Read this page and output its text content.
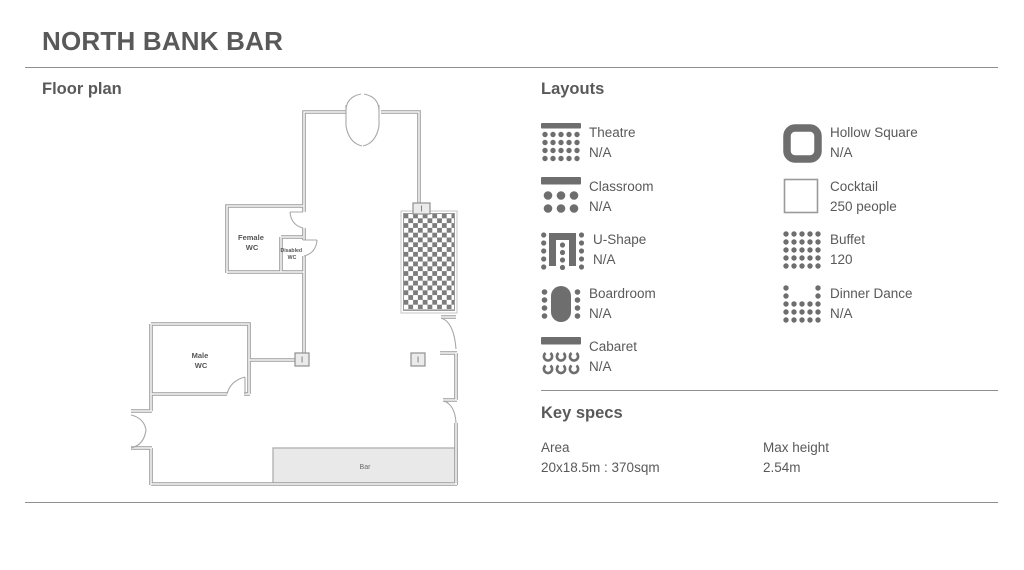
NORTH BANK BAR
Floor plan	Layouts
Bar
I
I	I
Female WC	Disabled WC
Male WC
Theatre
N/A
Classroom
N/A
U-Shape
N/A
Boardroom
N/A
Cabaret
N/A
Hollow Square
N/A
Cocktail
250 people
Buffet
120
Dinner Dance
N/A
Key specs
Area
20x18.5m : 370sqm
Max height
2.54m
